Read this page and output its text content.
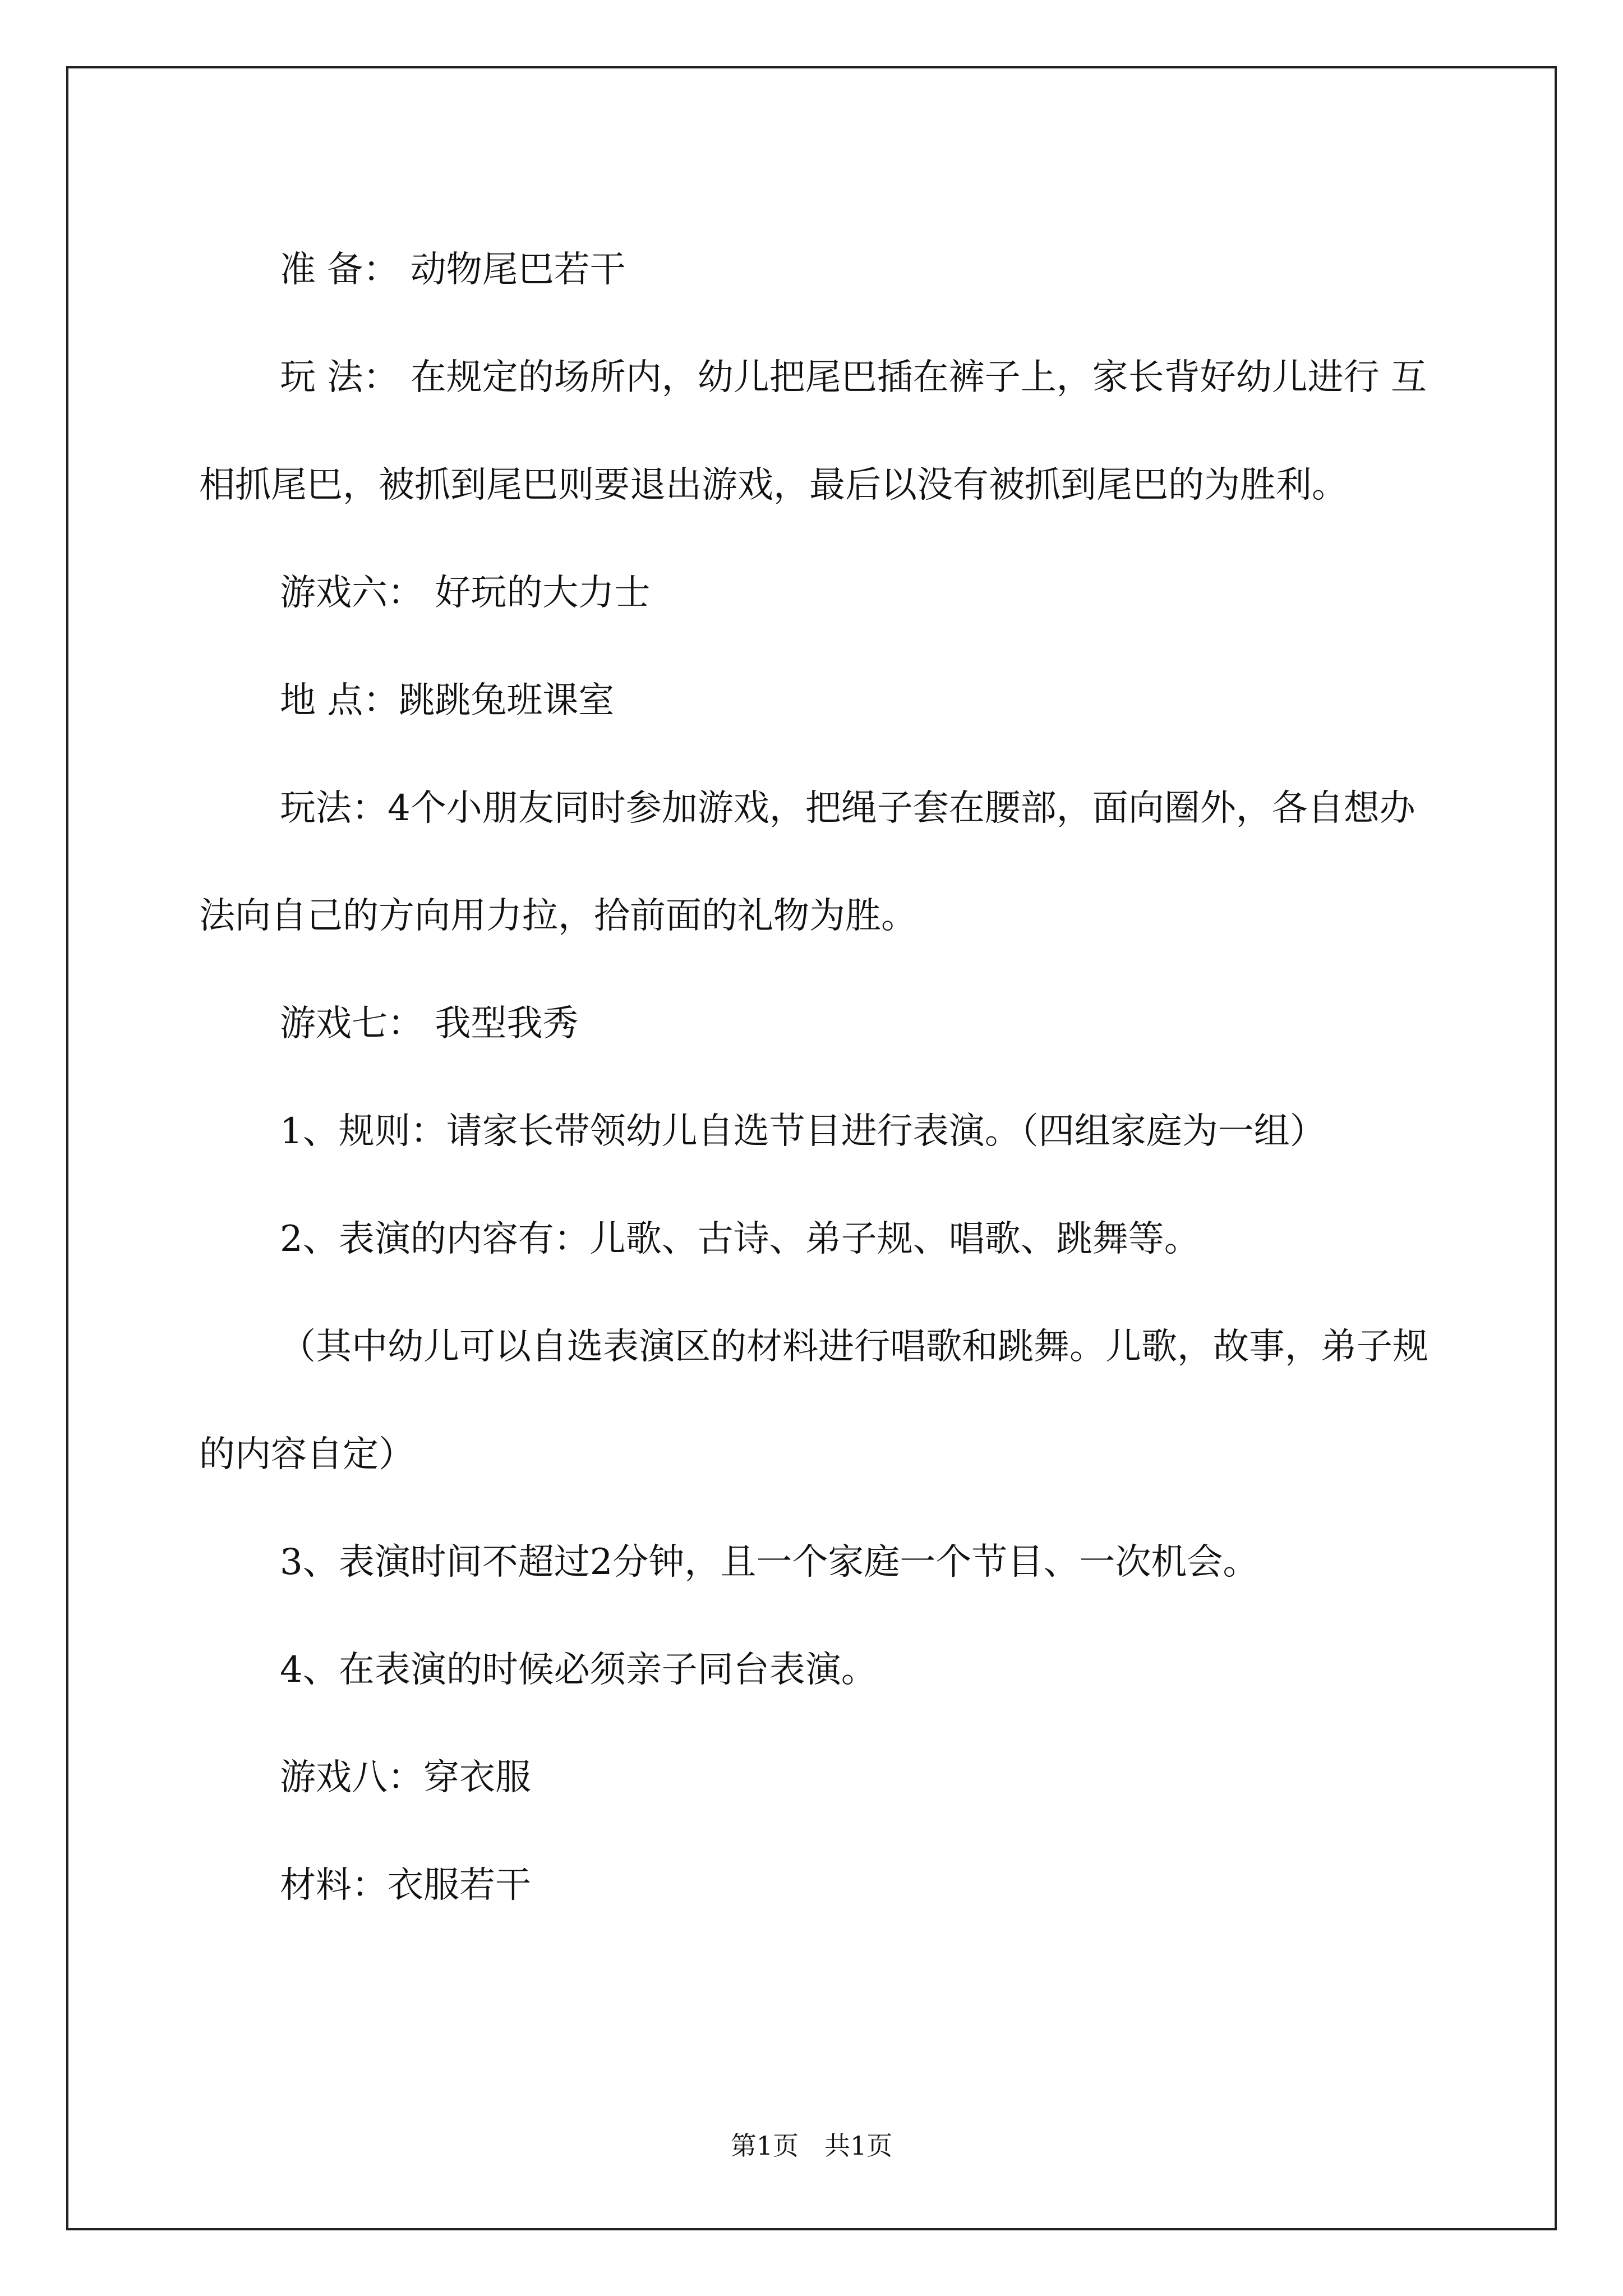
准 备： 动物尾巴若干

玩 法： 在规定的场所内，幼儿把尾巴插在裤子上，家长背好幼儿进行 互相抓尾巴，被抓到尾巴则要退出游戏，最后以没有被抓到尾巴的为胜利。

游戏六： 好玩的大力士

地 点：跳跳兔班课室

玩法：4个小朋友同时参加游戏，把绳子套在腰部，面向圈外，各自想办法向自己的方向用力拉，拾前面的礼物为胜。

游戏七： 我型我秀

1、规则：请家长带领幼儿自选节目进行表演。（四组家庭为一组）

2、表演的内容有：儿歌、古诗、弟子规、唱歌、跳舞等。

（其中幼儿可以自选表演区的材料进行唱歌和跳舞。儿歌，故事，弟子规的内容自定）

3、表演时间不超过2分钟，且一个家庭一个节目、一次机会。

4、在表演的时候必须亲子同台表演。

游戏八：穿衣服

材料：衣服若干

第1页　共1页
